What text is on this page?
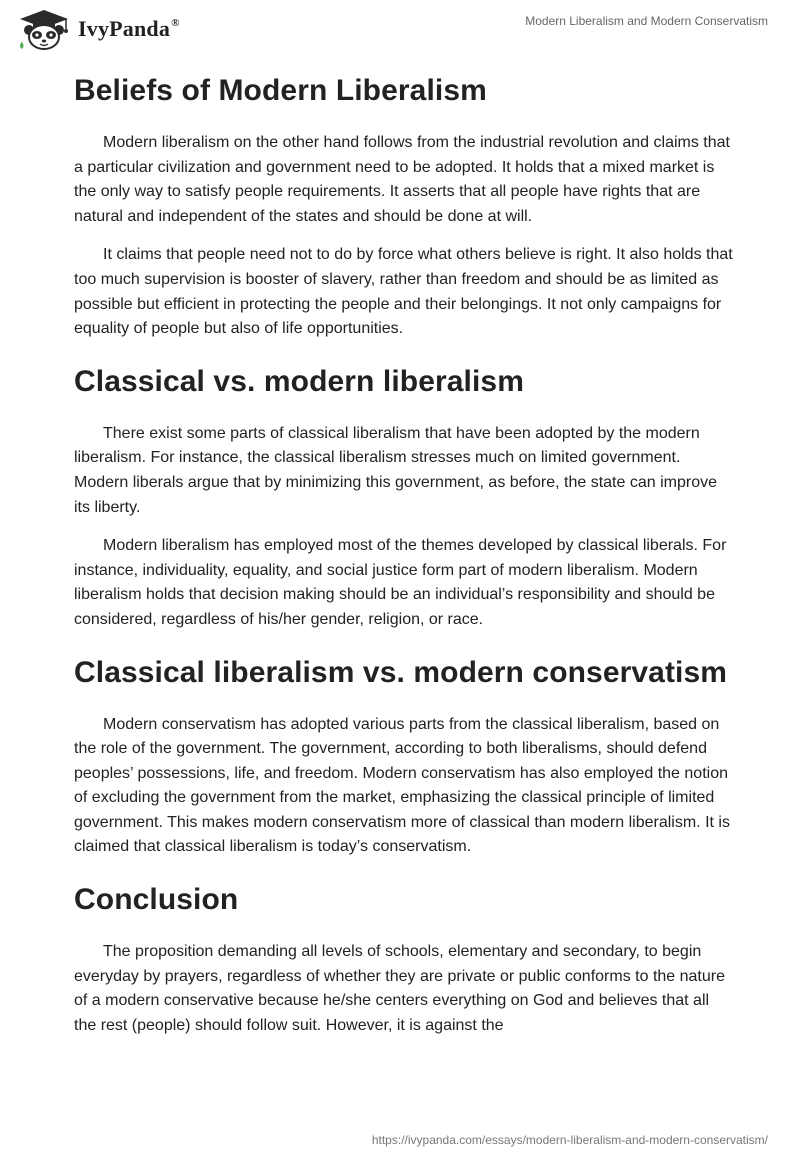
IvyPanda®	Modern Liberalism and Modern Conservatism
Beliefs of Modern Liberalism

Modern liberalism on the other hand follows from the industrial revolution and claims that a particular civilization and government need to be adopted. It holds that a mixed market is the only way to satisfy people requirements. It asserts that all people have rights that are natural and independent of the states and should be done at will.

It claims that people need not to do by force what others believe is right. It also holds that too much supervision is booster of slavery, rather than freedom and should be as limited as possible but efficient in protecting the people and their belongings. It not only campaigns for equality of people but also of life opportunities.

Classical vs. modern liberalism

There exist some parts of classical liberalism that have been adopted by the modern liberalism. For instance, the classical liberalism stresses much on limited government. Modern liberals argue that by minimizing this government, as before, the state can improve its liberty.

Modern liberalism has employed most of the themes developed by classical liberals. For instance, individuality, equality, and social justice form part of modern liberalism. Modern liberalism holds that decision making should be an individual’s responsibility and should be considered, regardless of his/her gender, religion, or race.

Classical liberalism vs. modern conservatism

Modern conservatism has adopted various parts from the classical liberalism, based on the role of the government. The government, according to both liberalisms, should defend peoples’ possessions, life, and freedom. Modern conservatism has also employed the notion of excluding the government from the market, emphasizing the classical principle of limited government. This makes modern conservatism more of classical than modern liberalism. It is claimed that classical liberalism is today’s conservatism.

Conclusion

The proposition demanding all levels of schools, elementary and secondary, to begin everyday by prayers, regardless of whether they are private or public conforms to the nature of a modern conservative because he/she centers everything on God and believes that all the rest (people) should follow suit. However, it is against the

https://ivypanda.com/essays/modern-liberalism-and-modern-conservatism/
